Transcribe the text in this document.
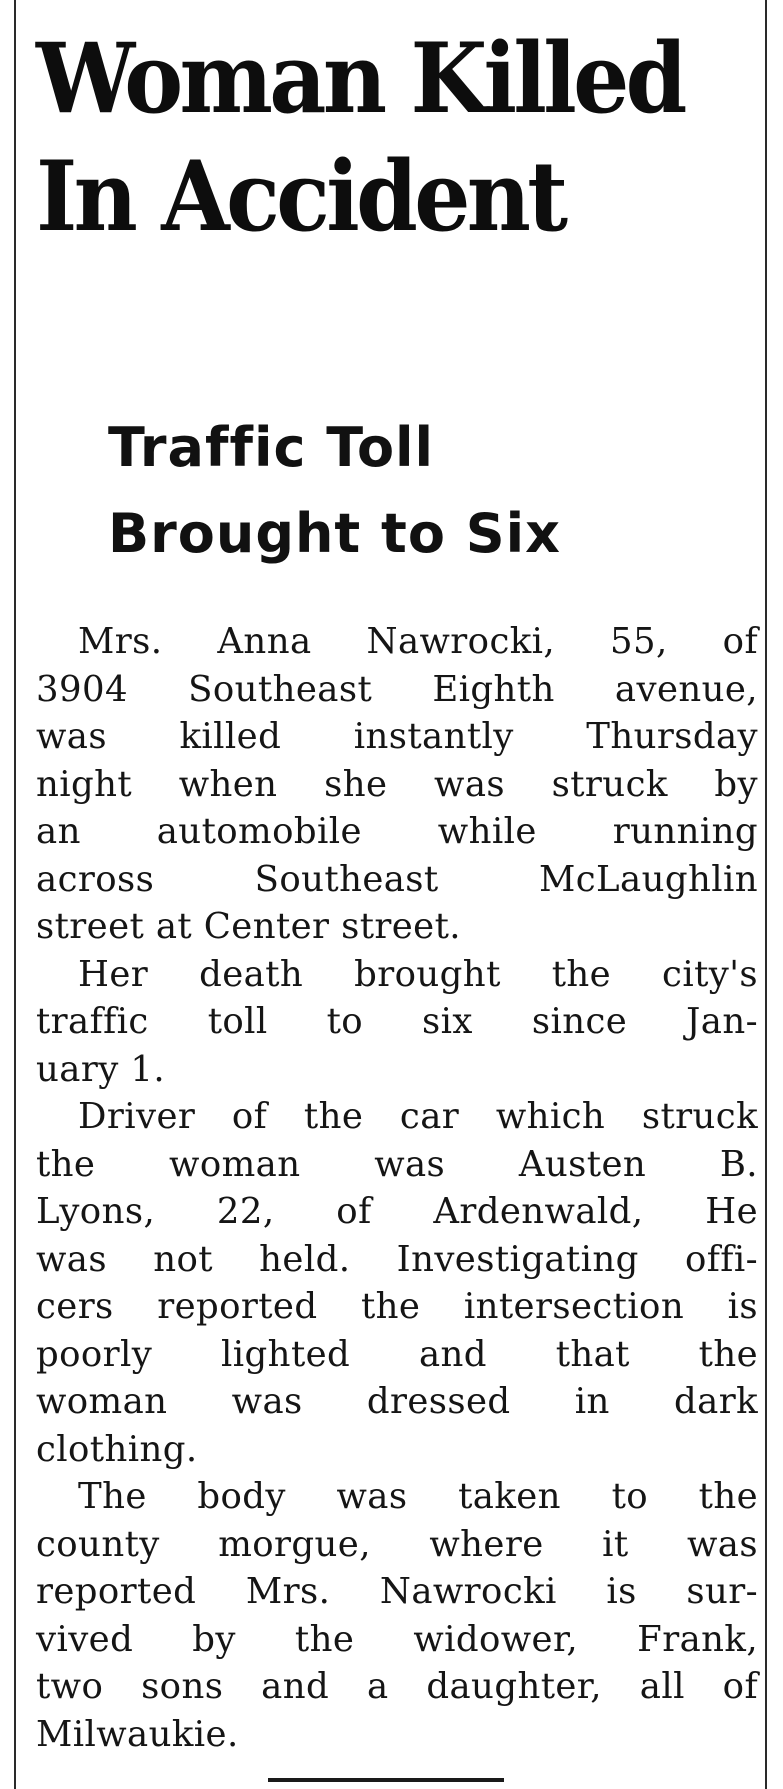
Woman Killed
In Accident
Traffic Toll
Brought to Six
Mrs. Anna Nawrocki, 55, of
3904 Southeast Eighth avenue,
was killed instantly Thursday
night when she was struck by
an automobile while running
across Southeast McLaughlin
street at Center street.
Her death brought the city's
traffic toll to six since Jan-
uary 1.
Driver of the car which struck
the woman was Austen B.
Lyons, 22, of Ardenwald, He
was not held. Investigating offi-
cers reported the intersection is
poorly lighted and that the
woman was dressed in dark
clothing.
The body was taken to the
county morgue, where it was
reported Mrs. Nawrocki is sur-
vived by the widower, Frank,
two sons and a daughter, all of
Milwaukie.
